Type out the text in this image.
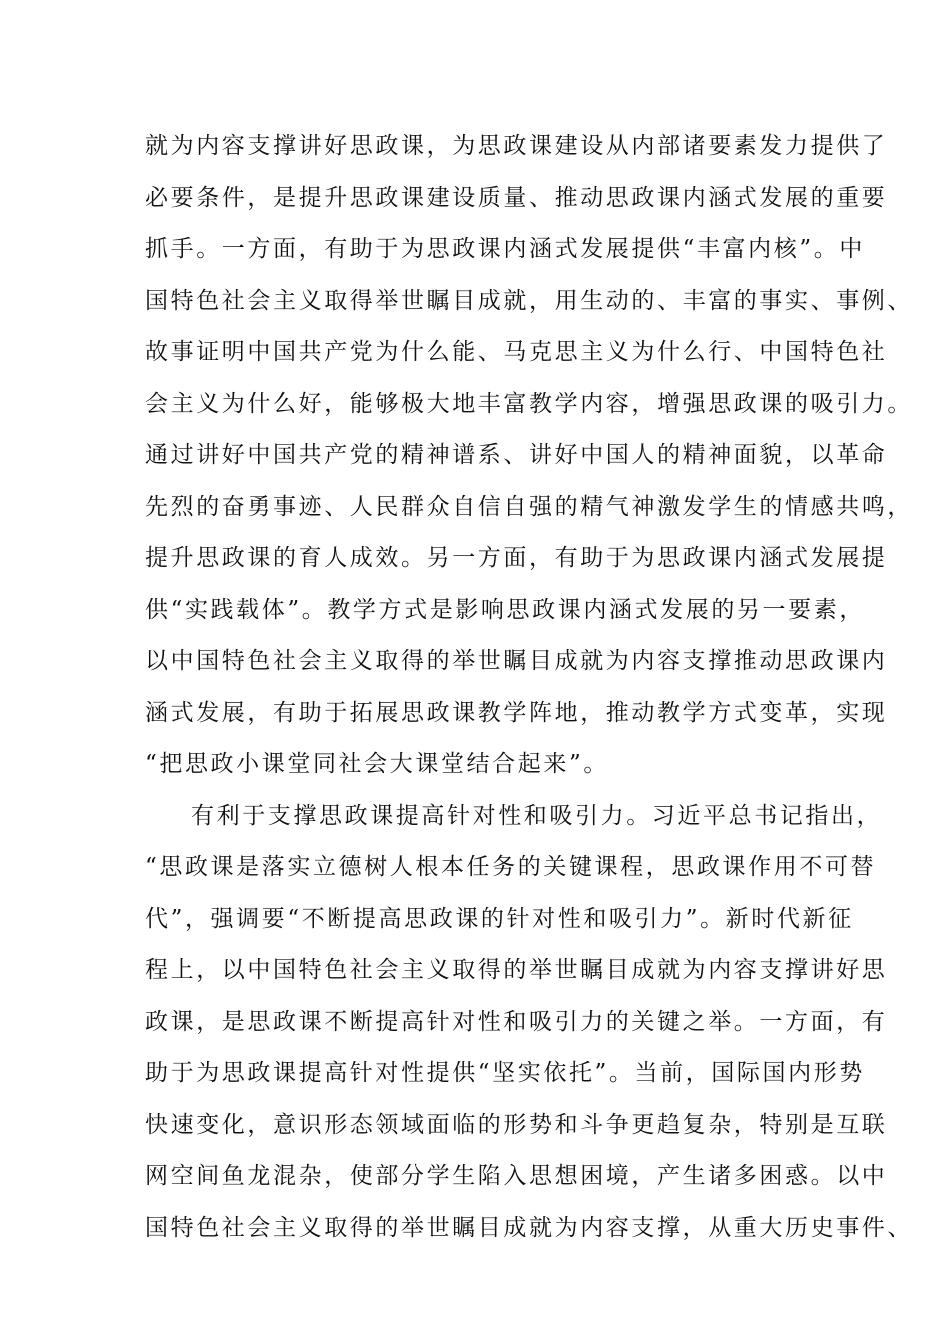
就为内容支撑讲好思政课，为思政课建设从内部诸要素发力提供了
必要条件，是提升思政课建设质量、推动思政课内涵式发展的重要
抓手。一方面，有助于为思政课内涵式发展提供“丰富内核”。中
国特色社会主义取得举世瞩目成就，用生动的、丰富的事实、事例、
故事证明中国共产党为什么能、马克思主义为什么行、中国特色社
会主义为什么好，能够极大地丰富教学内容，增强思政课的吸引力。
通过讲好中国共产党的精神谱系、讲好中国人的精神面貌，以革命
先烈的奋勇事迹、人民群众自信自强的精气神激发学生的情感共鸣，
提升思政课的育人成效。另一方面，有助于为思政课内涵式发展提
供“实践载体”。教学方式是影响思政课内涵式发展的另一要素，
以中国特色社会主义取得的举世瞩目成就为内容支撑推动思政课内
涵式发展，有助于拓展思政课教学阵地，推动教学方式变革，实现
“把思政小课堂同社会大课堂结合起来”。
有利于支撑思政课提高针对性和吸引力。习近平总书记指出，
“思政课是落实立德树人根本任务的关键课程，思政课作用不可替
代”，强调要“不断提高思政课的针对性和吸引力”。新时代新征
程上，以中国特色社会主义取得的举世瞩目成就为内容支撑讲好思
政课，是思政课不断提高针对性和吸引力的关键之举。一方面，有
助于为思政课提高针对性提供“坚实依托”。当前，国际国内形势
快速变化，意识形态领域面临的形势和斗争更趋复杂，特别是互联
网空间鱼龙混杂，使部分学生陷入思想困境，产生诸多困惑。以中
国特色社会主义取得的举世瞩目成就为内容支撑，从重大历史事件、
